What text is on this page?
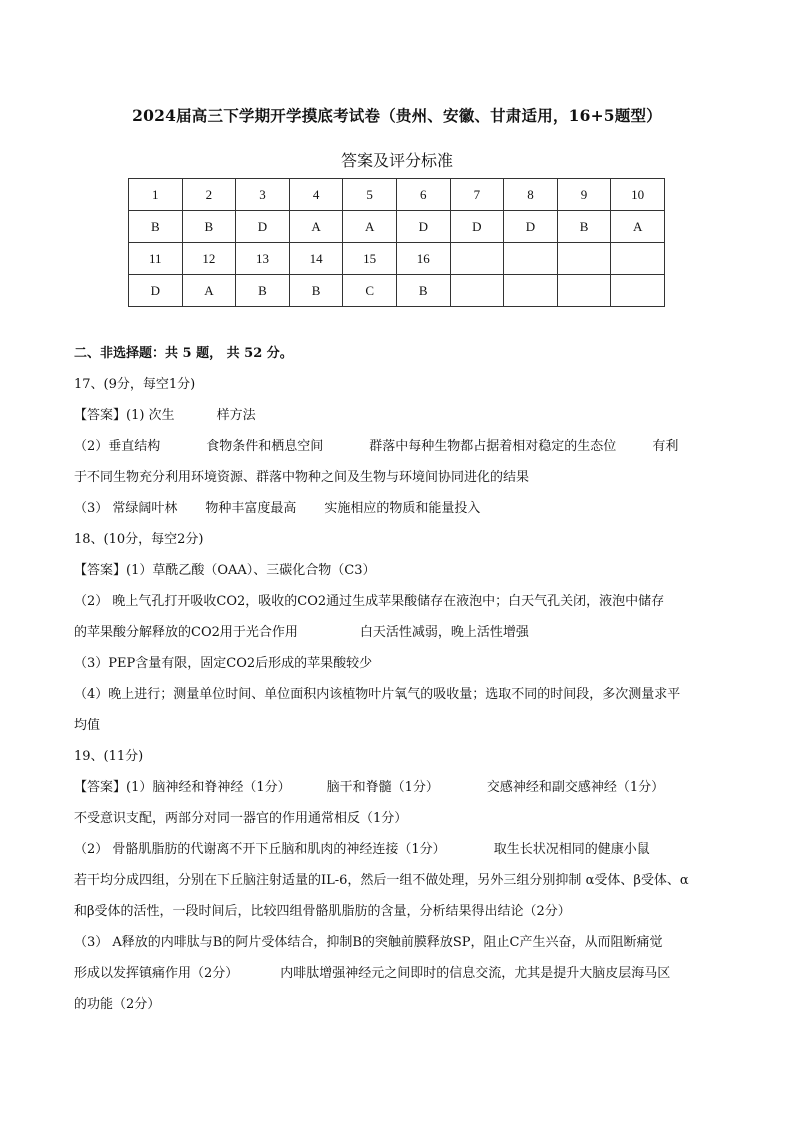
2024届高三下学期开学摸底考试卷（贵州、安徽、甘肃适用，16+5题型）
答案及评分标准
1	2	3	4	5	6	7	8	9	10
B	B	D	A	A	D	D	D	B	A
11	12	13	14	15	16				
D	A	B	B	C	B				
二、非选择题：共 5 题， 共 52 分。
17、(9分，每空1分)
【答案】(1) 次生	样方法
（2）垂直结构	食物条件和栖息空间	群落中每种生物都占据着相对稳定的生态位	有利
于不同生物充分利用环境资源、群落中物种之间及生物与环境间协同进化的结果
（3） 常绿阔叶林 物种丰富度最高 实施相应的物质和能量投入
18、(10分，每空2分)
【答案】(1）草酰乙酸（OAA）、三碳化合物（C3）
（2） 晚上气孔打开吸收CO2，吸收的CO2通过生成苹果酸储存在液泡中；白天气孔关闭，液泡中储存
的苹果酸分解释放的CO2用于光合作用	白天活性减弱，晚上活性增强
（3）PEP含量有限，固定CO2后形成的苹果酸较少
（4）晚上进行；测量单位时间、单位面积内该植物叶片氧气的吸收量；选取不同的时间段，多次测量求平
均值
19、(11分)
【答案】(1）脑神经和脊神经（1分）	脑干和脊髓（1分）	交感神经和副交感神经（1分）
不受意识支配，两部分对同一器官的作用通常相反（1分）
（2） 骨骼肌脂肪的代谢离不开下丘脑和肌肉的神经连接（1分）	取生长状况相同的健康小鼠
若干均分成四组，分别在下丘脑注射适量的IL-6，然后一组不做处理，另外三组分别抑制 α受体、β受体、α
和β受体的活性，一段时间后，比较四组骨骼肌脂肪的含量，分析结果得出结论（2分）
（3） A释放的内啡肽与B的阿片受体结合，抑制B的突触前膜释放SP，阻止C产生兴奋，从而阻断痛觉
形成以发挥镇痛作用（2分）	内啡肽增强神经元之间即时的信息交流，尤其是提升大脑皮层海马区
的功能（2分）
